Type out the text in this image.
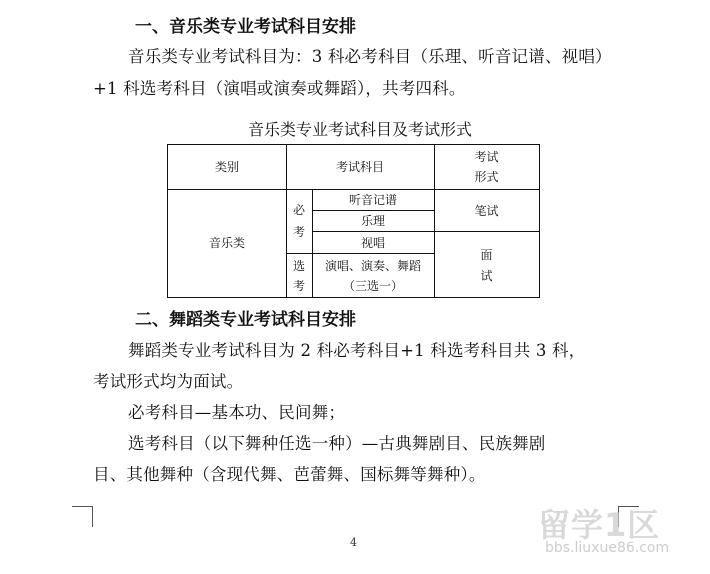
一、音乐类专业考试科目安排
音乐类专业考试科目为：3 科必考科目（乐理、听音记谱、视唱）
+1 科选考科目（演唱或演奏或舞蹈），共考四科。
音乐类专业考试科目及考试形式
类别	考试科目
考试
形式
音乐类
必
考
选
考
听音记谱
乐理
视唱
演唱、演奏、舞蹈
（三选一）
笔试
面
试
二、舞蹈类专业考试科目安排
舞蹈类专业考试科目为 2 科必考科目+1 科选考科目共 3 科，
考试形式均为面试。
必考科目—基本功、民间舞；
选考科目（以下舞种任选一种）—古典舞剧目、民族舞剧
目、其他舞种（含现代舞、芭蕾舞、国标舞等舞种）。
4	留学1区
bbs.liuxue86.com
